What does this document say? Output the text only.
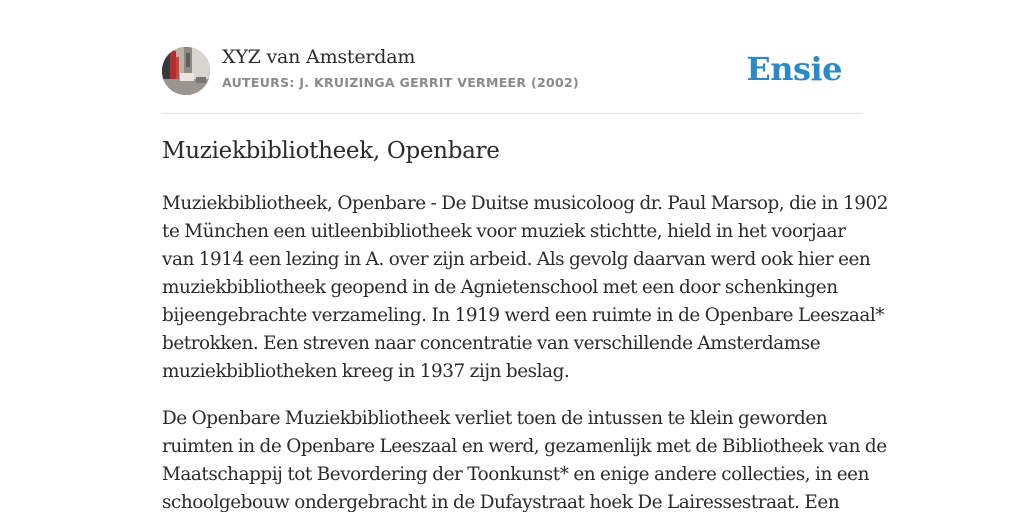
XYZ van Amsterdam
AUTEURS: J. KRUIZINGA GERRIT VERMEER (2002)	Ensie
Muziekbibliotheek, Openbare

Muziekbibliotheek, Openbare - De Duitse musicoloog dr. Paul Marsop, die in 1902
te München een uitleenbibliotheek voor muziek stichtte, hield in het voorjaar
van 1914 een lezing in A. over zijn arbeid. Als gevolg daarvan werd ook hier een
muziekbibliotheek geopend in de Agnietenschool met een door schenkingen
bijeengebrachte verzameling. In 1919 werd een ruimte in de Openbare Leeszaal*
betrokken. Een streven naar concentratie van verschillende Amsterdamse
muziekbibliotheken kreeg in 1937 zijn beslag.

De Openbare Muziekbibliotheek verliet toen de intussen te klein geworden
ruimten in de Openbare Leeszaal en werd, gezamenlijk met de Bibliotheek van de
Maatschappij tot Bevordering der Toonkunst* en enige andere collecties, in een
schoolgebouw ondergebracht in de Dufaystraat hoek De Lairessestraat. Een
